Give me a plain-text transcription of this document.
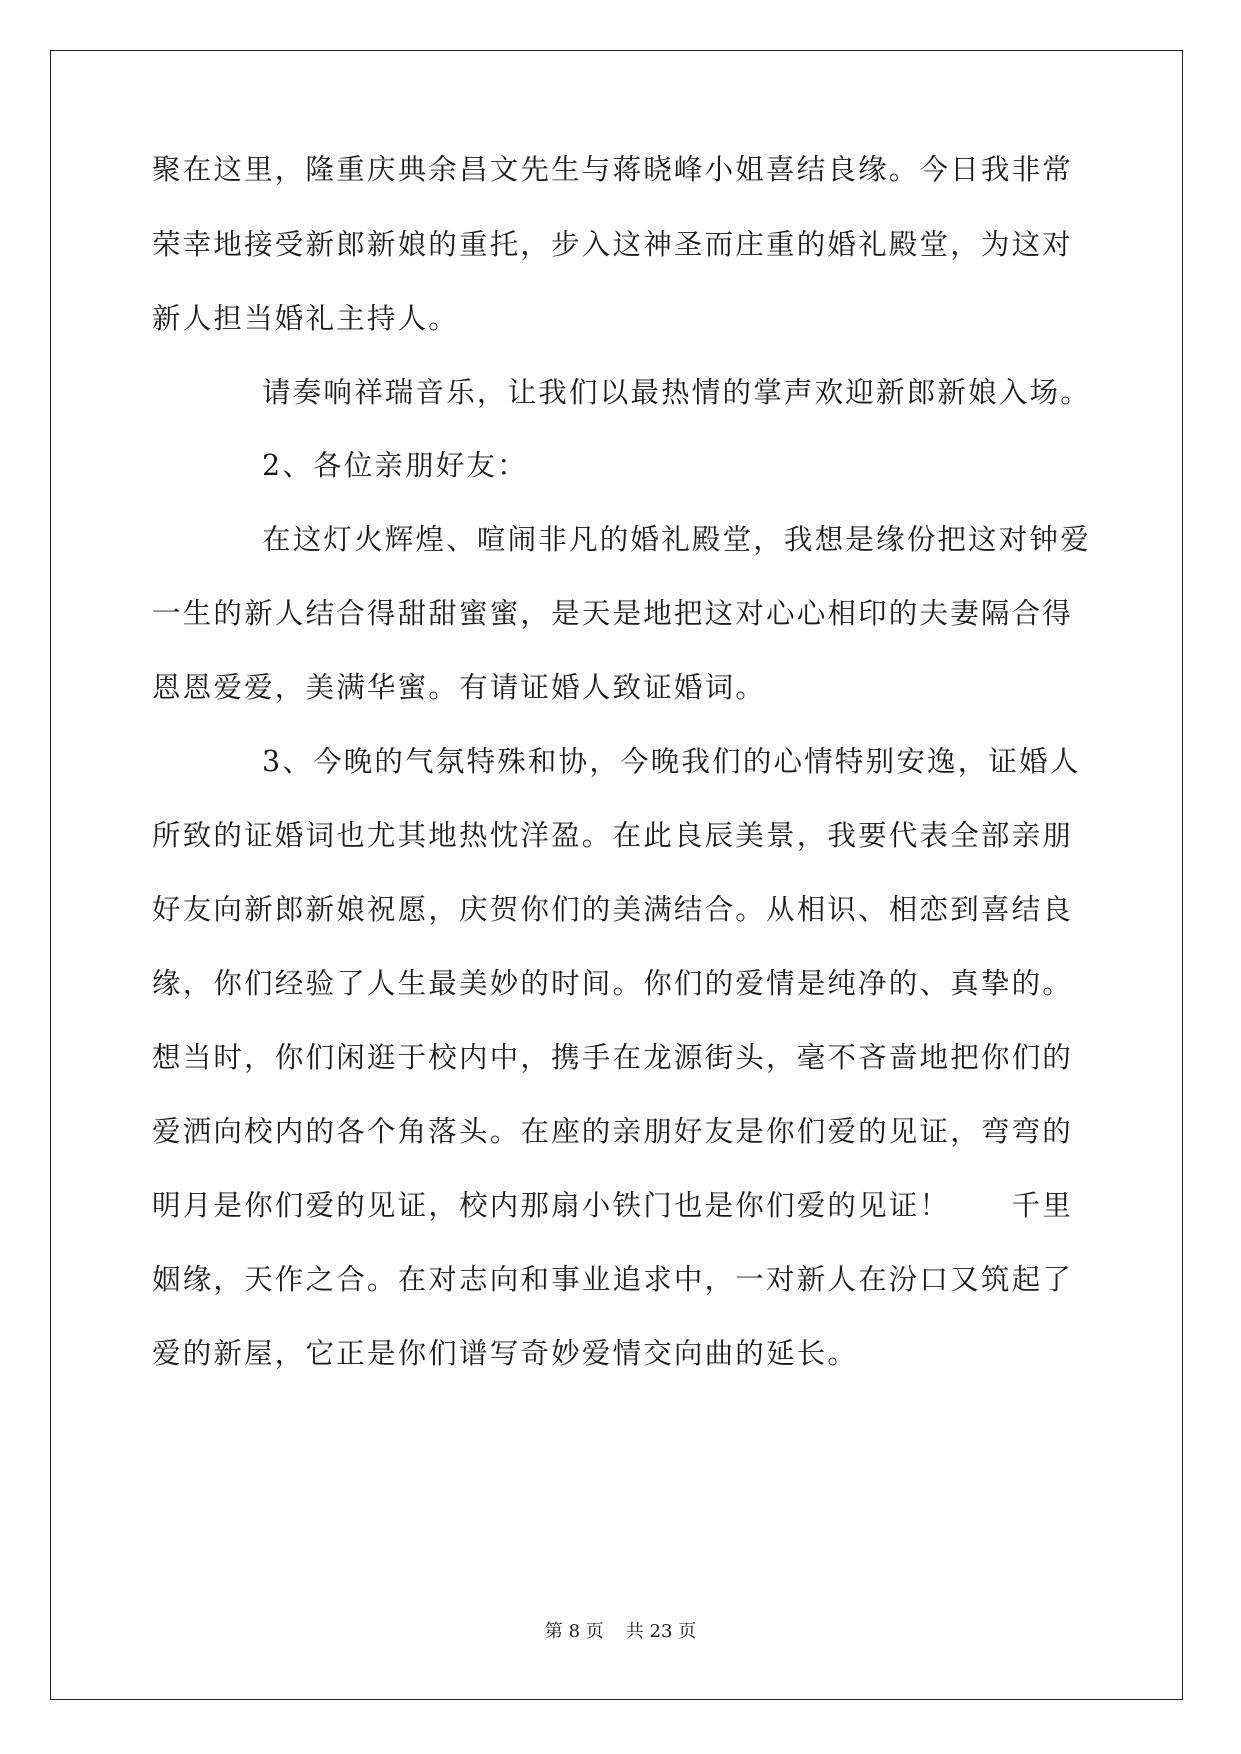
聚在这里，隆重庆典余昌文先生与蒋晓峰小姐喜结良缘。今日我非常
荣幸地接受新郎新娘的重托，步入这神圣而庄重的婚礼殿堂，为这对
新人担当婚礼主持人。
请奏响祥瑞音乐，让我们以最热情的掌声欢迎新郎新娘入场。
2、各位亲朋好友：
在这灯火辉煌、喧闹非凡的婚礼殿堂，我想是缘份把这对钟爱
一生的新人结合得甜甜蜜蜜，是天是地把这对心心相印的夫妻隔合得
恩恩爱爱，美满华蜜。有请证婚人致证婚词。
3、今晚的气氛特殊和协，今晚我们的心情特别安逸，证婚人
所致的证婚词也尤其地热忱洋盈。在此良辰美景，我要代表全部亲朋
好友向新郎新娘祝愿，庆贺你们的美满结合。从相识、相恋到喜结良
缘，你们经验了人生最美妙的时间。你们的爱情是纯净的、真挚的。
想当时，你们闲逛于校内中，携手在龙源街头，毫不吝啬地把你们的
爱洒向校内的各个角落头。在座的亲朋好友是你们爱的见证，弯弯的
明月是你们爱的见证，校内那扇小铁门也是你们爱的见证！　　千里
姻缘，天作之合。在对志向和事业追求中，一对新人在汾口又筑起了
爱的新屋，它正是你们谱写奇妙爱情交向曲的延长。
第 8 页 共 23 页
